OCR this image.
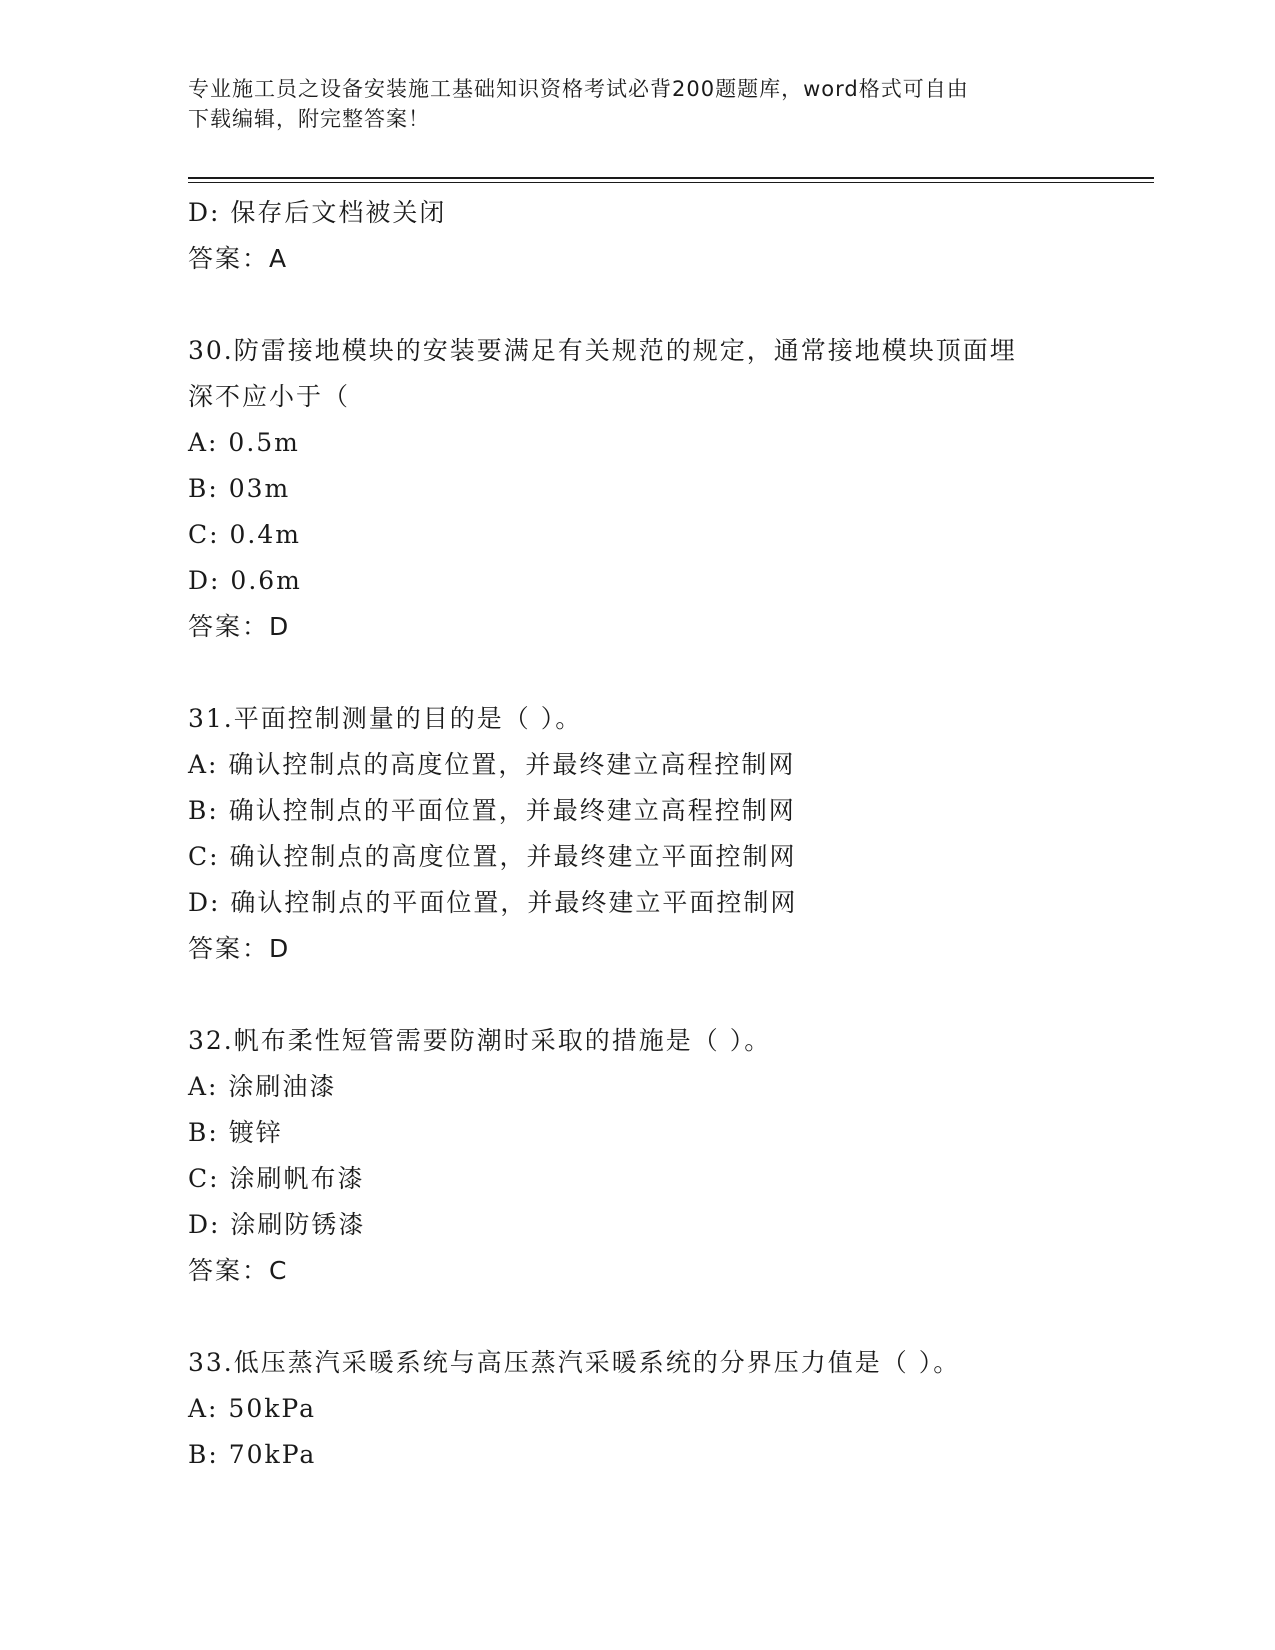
专业施工员之设备安装施工基础知识资格考试必背200题题库，word格式可自由
下载编辑，附完整答案！
D: 保存后文档被关闭
答案：A
30.防雷接地模块的安装要满足有关规范的规定，通常接地模块顶面埋
深不应小于（
A: 0.5m
B: 03m
C: 0.4m
D: 0.6m
答案：D
31.平面控制测量的目的是（ ）。
A: 确认控制点的高度位置，并最终建立高程控制网
B: 确认控制点的平面位置，并最终建立高程控制网
C: 确认控制点的高度位置，并最终建立平面控制网
D: 确认控制点的平面位置，并最终建立平面控制网
答案：D
32.帆布柔性短管需要防潮时采取的措施是（ ）。
A: 涂刷油漆
B: 镀锌
C: 涂刷帆布漆
D: 涂刷防锈漆
答案：C
33.低压蒸汽采暖系统与高压蒸汽采暖系统的分界压力值是（ ）。
A: 50kPa
B: 70kPa
